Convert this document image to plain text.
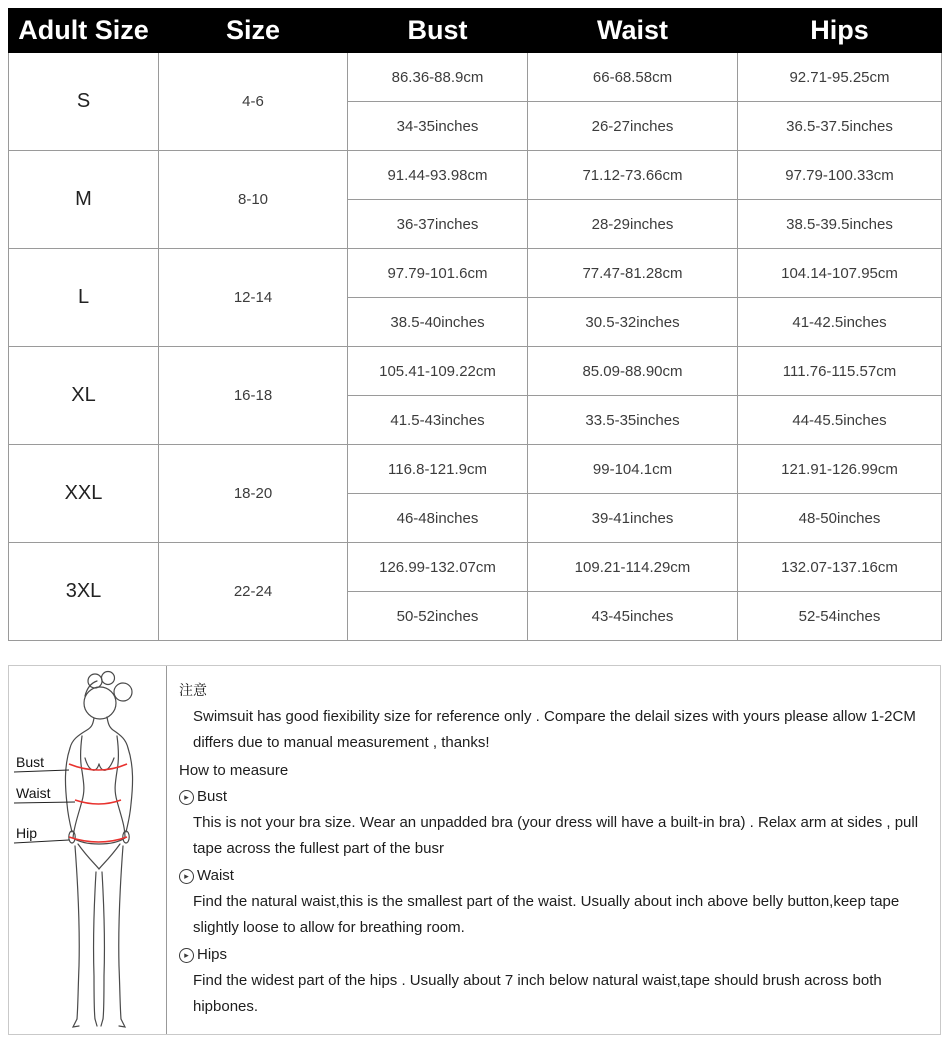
Adult Size	Size	Bust	Waist	Hips
S	4-6	86.36-88.9cm	66-68.58cm	92.71-95.25cm
		34-35inches	26-27inches	36.5-37.5inches
M	8-10	91.44-93.98cm	71.12-73.66cm	97.79-100.33cm
		36-37inches	28-29inches	38.5-39.5inches
L	12-14	97.79-101.6cm	77.47-81.28cm	104.14-107.95cm
		38.5-40inches	30.5-32inches	41-42.5inches
XL	16-18	105.41-109.22cm	85.09-88.90cm	111.76-115.57cm
		41.5-43inches	33.5-35inches	44-45.5inches
XXL	18-20	116.8-121.9cm	99-104.1cm	121.91-126.99cm
		46-48inches	39-41inches	48-50inches
3XL	22-24	126.99-132.07cm	109.21-114.29cm	132.07-137.16cm
		50-52inches	43-45inches	52-54inches
Bust
Waist
Hip
注意

Swimsuit has good fiexibility size for reference only . Compare the delail sizes with yours please allow 1-2CM differs due to manual measurement , thanks!

How to measure

▸ Bust

This is not your bra size. Wear an unpadded bra (your dress will have a built-in bra) . Relax arm at sides , pull tape across the fullest part of the busr

▸ Waist

Find the natural waist,this is the smallest part of the waist. Usually about inch above belly button,keep tape slightly loose to allow for breathing room.

▸ Hips

Find the widest part of the hips . Usually about 7 inch below natural waist,tape should brush across both hipbones.
